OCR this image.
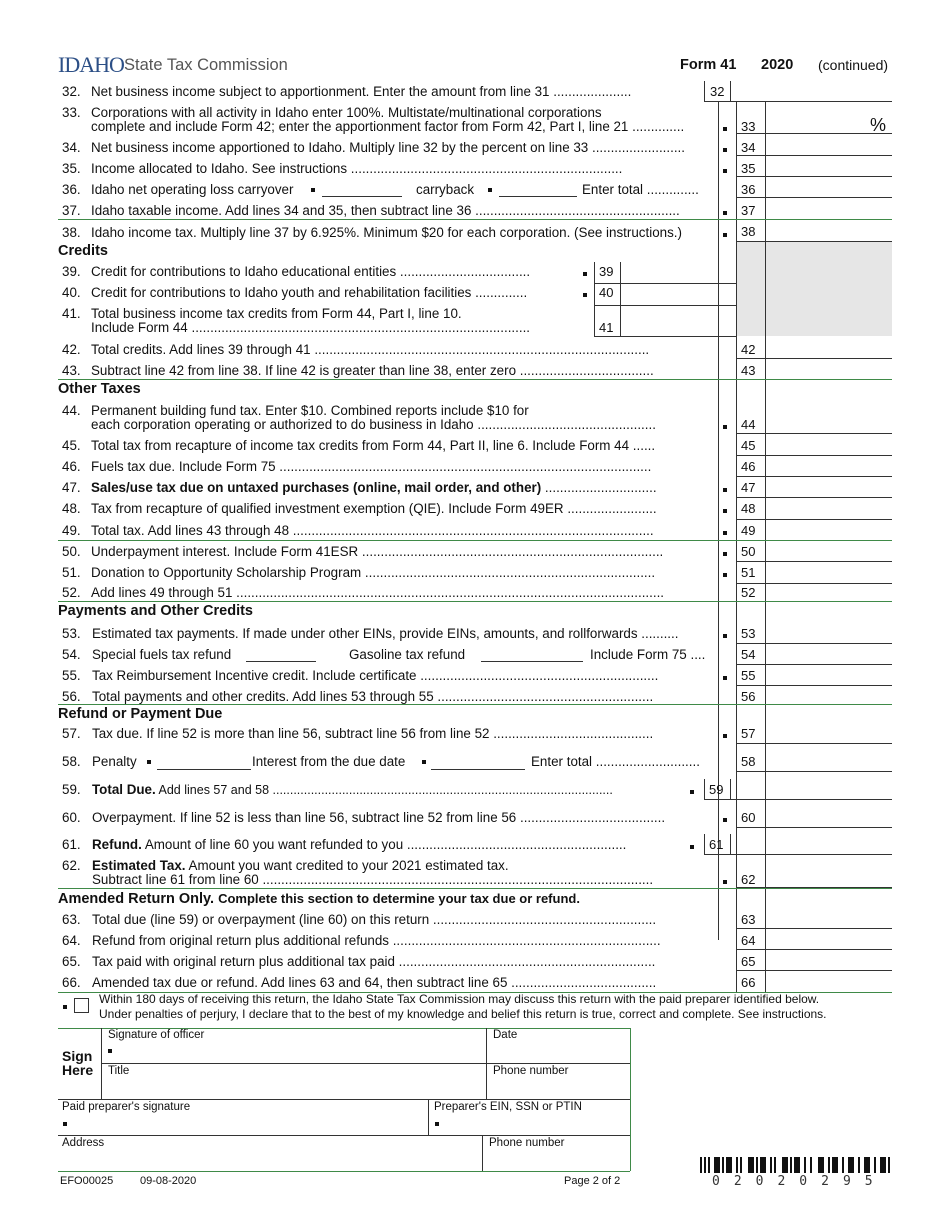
IDAHO State Tax Commission	Form 41 2020 (continued)
32. Net business income subject to apportionment. Enter the amount from line 31 .....................	32
33. Corporations with all activity in Idaho enter 100%. Multistate/multinational corporations
complete and include Form 42; enter the apportionment factor from Form 42, Part I, line 21 ..............	33	%
34. Net business income apportioned to Idaho. Multiply line 32 by the percent on line 33 .........................	34
35. Income allocated to Idaho. See instructions .........................................................................	35
36. Idaho net operating loss carryover	carryback	Enter total ..............	36
37. Idaho taxable income. Add lines 34 and 35, then subtract line 36 .......................................................	37
38. Idaho income tax. Multiply line 37 by 6.925%. Minimum $20 for each corporation. (See instructions.)	38
Credits
39. Credit for contributions to Idaho educational entities ...................................	39
40. Credit for contributions to Idaho youth and rehabilitation facilities ..............	40
41. Total business income tax credits from Form 44, Part I, line 10.
Include Form 44 ...........................................................................................	41
42. Total credits. Add lines 39 through 41 ..........................................................................................	42
43. Subtract line 42 from line 38. If line 42 is greater than line 38, enter zero ....................................	43
Other Taxes
44. Permanent building fund tax. Enter $10. Combined reports include $10 for
each corporation operating or authorized to do business in Idaho ................................................	44
45. Total tax from recapture of income tax credits from Form 44, Part II, line 6. Include Form 44 ......	45
46. Fuels tax due. Include Form 75 ....................................................................................................	46
47. Sales/use tax due on untaxed purchases (online, mail order, and other) ..............................	47
48. Tax from recapture of qualified investment exemption (QIE). Include Form 49ER ........................	48
49. Total tax. Add lines 43 through 48 .................................................................................................	49
50. Underpayment interest. Include Form 41ESR .................................................................................	50
51. Donation to Opportunity Scholarship Program ..............................................................................	51
52. Add lines 49 through 51 ...................................................................................................................	52
Payments and Other Credits
53. Estimated tax payments. If made under other EINs, provide EINs, amounts, and rollforwards ..........	53
54. Special fuels tax refund	Gasoline tax refund	Include Form 75 ....	54
55. Tax Reimbursement Incentive credit. Include certificate ................................................................	55
56. Total payments and other credits. Add lines 53 through 55 ..........................................................	56
Refund or Payment Due
57. Tax due. If line 52 is more than line 56, subtract line 56 from line 52 ...........................................	57
58. Penalty	Interest from the due date	Enter total ............................	58
59. Total Due. Add lines 57 and 58 ..................................................................................................	59
60. Overpayment. If line 52 is less than line 56, subtract line 52 from line 56 .......................................	60
61. Refund. Amount of line 60 you want refunded to you ...........................................................	61
62. Estimated Tax. Amount you want credited to your 2021 estimated tax.
Subtract line 61 from line 60 .........................................................................................................	62
Amended Return Only. Complete this section to determine your tax due or refund.
63. Total due (line 59) or overpayment (line 60) on this return ............................................................	63
64. Refund from original return plus additional refunds ........................................................................	64
65. Tax paid with original return plus additional tax paid .....................................................................	65
66. Amended tax due or refund. Add lines 63 and 64, then subtract line 65 .......................................	66
Within 180 days of receiving this return, the Idaho State Tax Commission may discuss this return with the paid preparer identified below.
Under penalties of perjury, I declare that to the best of my knowledge and belief this return is true, correct and complete. See instructions.
Sign
Here
Signature of officer	Date
Title	Phone number
Paid preparer's signature	Preparer's EIN, SSN or PTIN
Address	Phone number
EFO00025 09-08-2020	Page 2 of 2	02020295
